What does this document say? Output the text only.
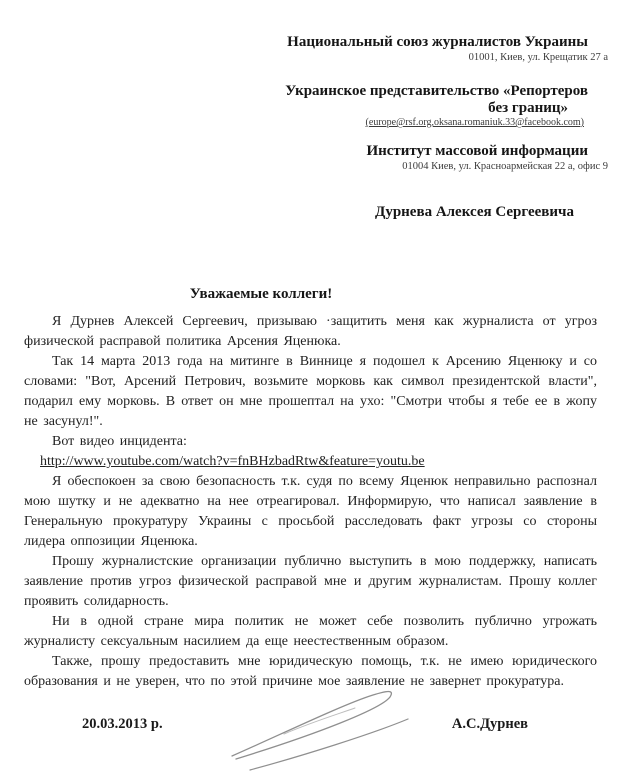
Национальный союз журналистов Украины
01001, Киев, ул. Крещатик 27 а
Украинское представительство «Репортеров
без границ»
(europe@rsf.org,oksana.romaniuk.33@facebook.com)
Институт массовой информации
01004 Киев, ул. Красноармейская 22 а, офис 9
Дурнева Алексея Сергеевича
Уважаемые коллеги!

Я Дурнев Алексей Сергеевич, призываю ·защитить меня как журналиста от угроз физической расправой политика Арсения Яценюка.

Так 14 марта 2013 года на митинге в Виннице я подошел к Арсению Яценюку и со словами: "Вот, Арсений Петрович, возьмите морковь как символ президентской власти", подарил ему морковь. В ответ он мне прошептал на ухо: "Смотри чтобы я тебе ее в жопу не засунул!".

Вот видео инцидента:

http://www.youtube.com/watch?v=fnBHzbadRtw&feature=youtu.be

Я обеспокоен за свою безопасность т.к. судя по всему Яценюк неправильно распознал мою шутку и не адекватно на нее отреагировал. Информирую, что написал заявление в Генеральную прокуратуру Украины с просьбой расследовать факт угрозы со стороны лидера оппозиции Яценюка.

Прошу журналистские организации публично выступить в мою поддержку, написать заявление против угроз физической расправой мне и другим журналистам. Прошу коллег проявить солидарность.

Ни в одной стране мира политик не может себе позволить публично угрожать журналисту сексуальным насилием да еще неестественным образом.

Также, прошу предоставить мне юридическую помощь, т.к. не имею юридического образования и не уверен, что по этой причине мое заявление не завернет прокуратура.

20.03.2013 р.	А.С.Дурнев
